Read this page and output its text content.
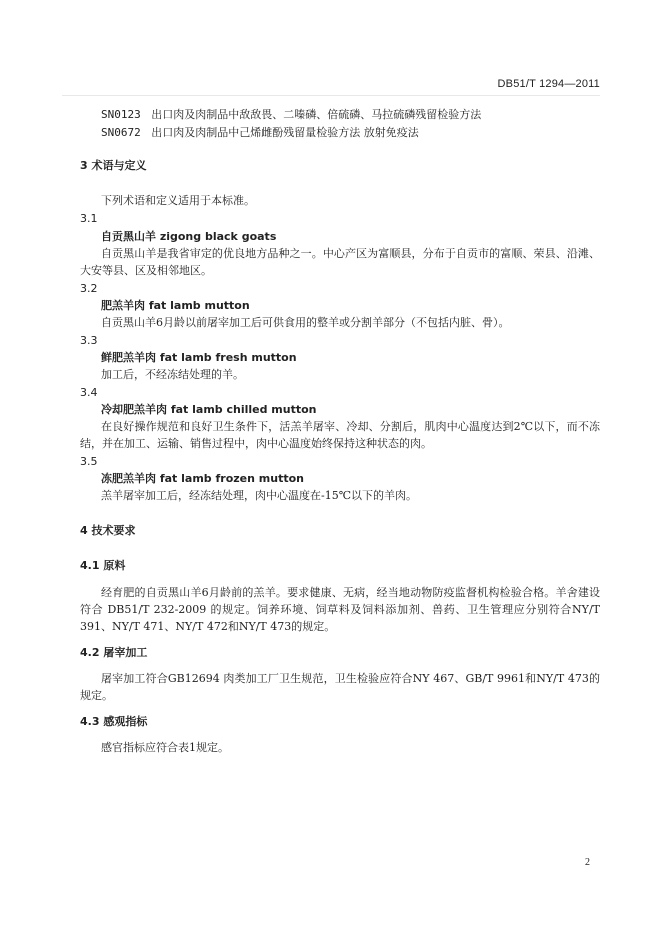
DB51/T 1294—2011
SN0123 出口肉及肉制品中敌敌畏、二嗪磷、倍硫磷、马拉硫磷残留检验方法
SN0672 出口肉及肉制品中己烯雌酚残留量检验方法 放射免疫法
3 术语与定义
下列术语和定义适用于本标准。
3.1
自贡黑山羊 zigong black goats
自贡黑山羊是我省审定的优良地方品种之一。中心产区为富顺县，分布于自贡市的富顺、荣县、沿滩、大安等县、区及相邻地区。
3.2
肥羔羊肉 fat lamb mutton
自贡黑山羊6月龄以前屠宰加工后可供食用的整羊或分割羊部分（不包括内脏、骨）。
3.3
鲜肥羔羊肉 fat lamb fresh mutton
加工后，不经冻结处理的羊。
3.4
冷却肥羔羊肉 fat lamb chilled mutton
在良好操作规范和良好卫生条件下，活羔羊屠宰、冷却、分割后，肌肉中心温度达到2℃以下，而不冻结，并在加工、运输、销售过程中，肉中心温度始终保持这种状态的肉。
3.5
冻肥羔羊肉 fat lamb frozen mutton
羔羊屠宰加工后，经冻结处理，肉中心温度在-15℃以下的羊肉。
4 技术要求
4.1 原料
经育肥的自贡黑山羊6月龄前的羔羊。要求健康、无病，经当地动物防疫监督机构检验合格。羊舍建设符合 DB51/T 232-2009 的规定。饲养环境、饲草料及饲料添加剂、兽药、卫生管理应分别符合NY/T 391、NY/T 471、NY/T 472和NY/T 473的规定。
4.2 屠宰加工
屠宰加工符合GB12694 肉类加工厂卫生规范，卫生检验应符合NY 467、GB/T 9961和NY/T 473的规定。
4.3 感观指标
感官指标应符合表1规定。
2
